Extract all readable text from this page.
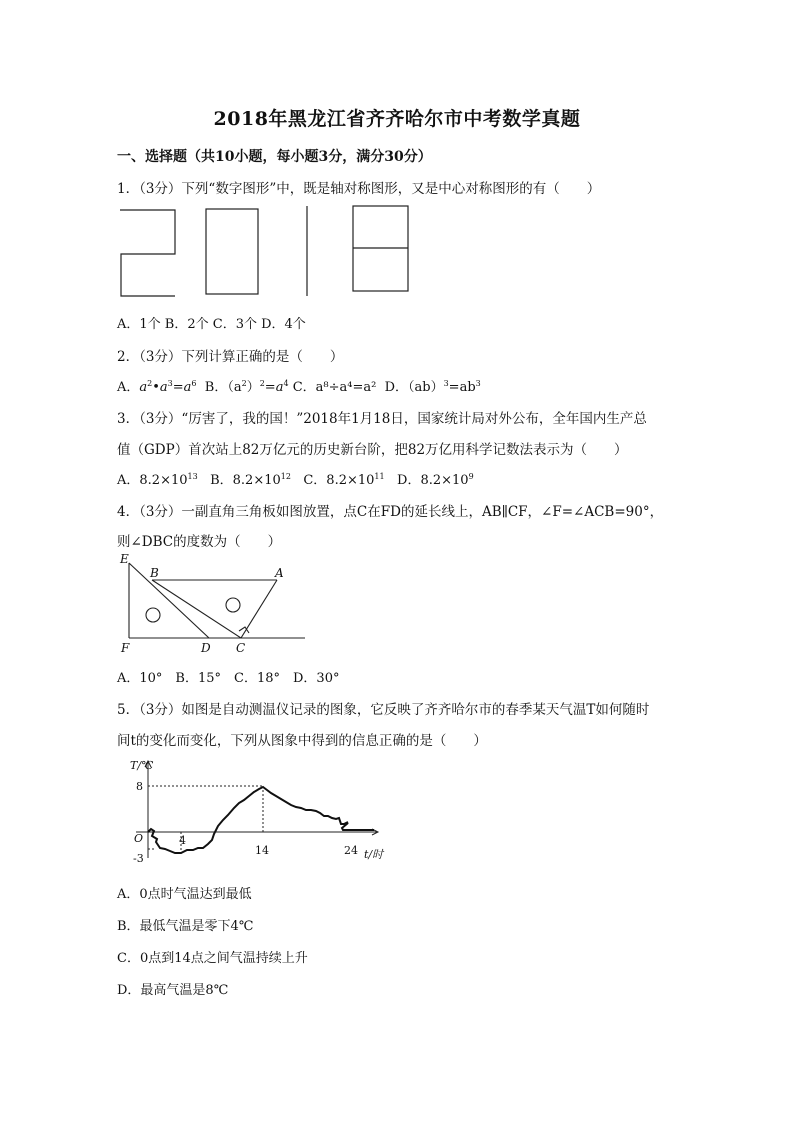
2018年黑龙江省齐齐哈尔市中考数学真题
一、选择题（共10小题，每小题3分，满分30分）
1．（3分）下列“数字图形”中，既是轴对称图形，又是中心对称图形的有（　　）
A．1个 B．2个 C．3个 D．4个
2．（3分）下列计算正确的是（　　）
A．$a^2•a^3=a^6$ B．$(a^2)^2=a^4$ C．a⁸÷a⁴=a² D．$(ab)^3=ab^3$
3．（3分）“厉害了，我的国！”2018年1月18日，国家统计局对外公布，全年国内生产总
值（GDP）首次站上82万亿元的历史新台阶，把82万亿用科学记数法表示为（　　）
A．$8.2\times 10^{13}$ B．$8.2\times 10^{12}$ C．$8.2\times 10^{11}$ D．$8.2\times 10^9$
4．（3分）一副直角三角板如图放置，点C在FD的延长线上，AB∥CF，∠F=∠ACB=90°，
则∠DBC的度数为（　　）
E
B	A
F	D C
A．10°　B．15°　C．18°　D．30°
5．（3分）如图是自动测温仪记录的图象，它反映了齐齐哈尔市的春季某天气温T如何随时
间t的变化而变化，下列从图象中得到的信息正确的是（　　）
T/℃
8
O
-3
4
14	24 t/时
A．0点时气温达到最低
B．最低气温是零下4℃
C．0点到14点之间气温持续上升
D．最高气温是8℃
